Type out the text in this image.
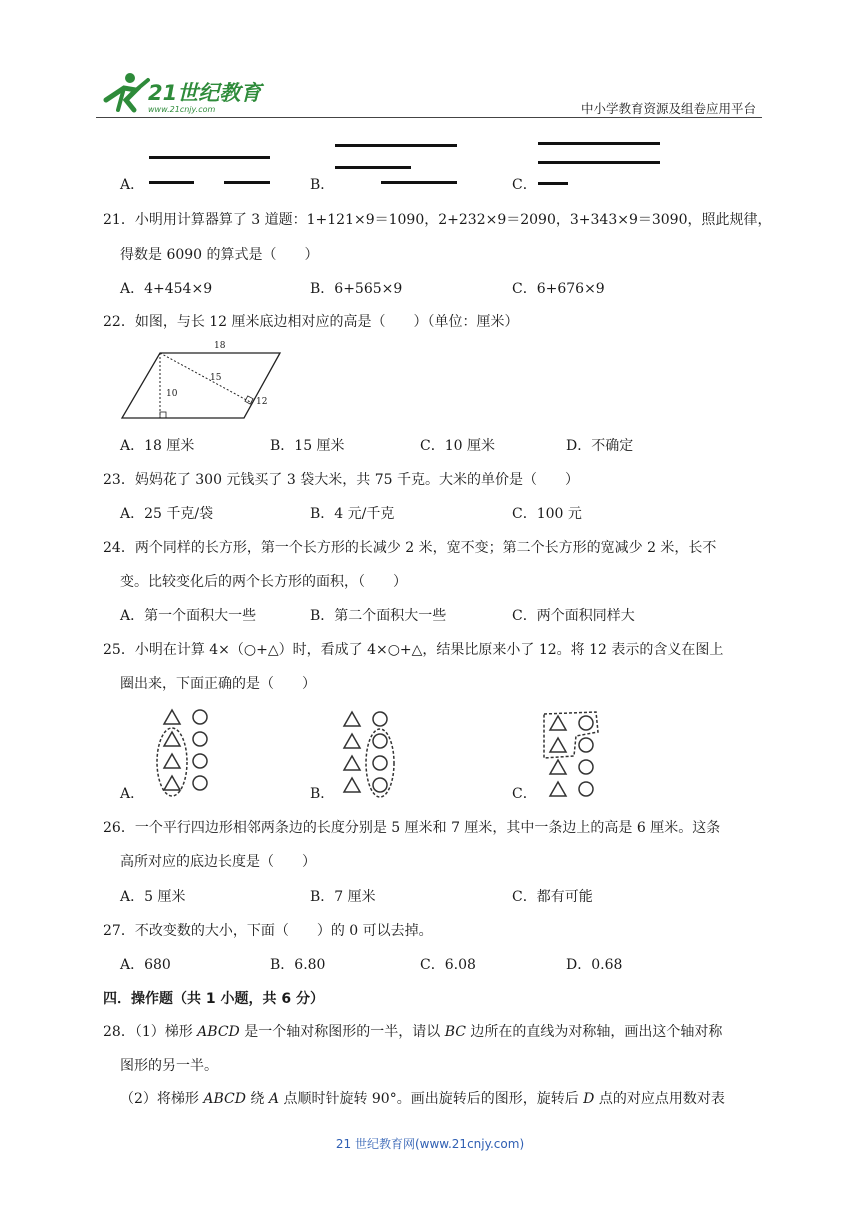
21世纪教育
www.21cnjy.com	中小学教育资源及组卷应用平台
A．	B．	C．
21．小明用计算器算了 3 道题：1+121×9＝1090，2+232×9＝2090，3+343×9＝3090，照此规律，
得数是 6090 的算式是（　　）
A．4+454×9	B．6+565×9	C．6+676×9
22．如图，与长 12 厘米底边相对应的高是（　　）（单位：厘米）
18
15
10
12
A．18 厘米	B．15 厘米	C．10 厘米	D．不确定
23．妈妈花了 300 元钱买了 3 袋大米，共 75 千克。大米的单价是（　　）
A．25 千克/袋	B．4 元/千克	C．100 元
24．两个同样的长方形，第一个长方形的长减少 2 米，宽不变；第二个长方形的宽减少 2 米，长不
变。比较变化后的两个长方形的面积，（　　）
A．第一个面积大一些	B．第二个面积大一些	C．两个面积同样大
25．小明在计算 4×（○+△）时，看成了 4×○+△，结果比原来小了 12。将 12 表示的含义在图上
圈出来，下面正确的是（　　）
A．	B．	C．
26．一个平行四边形相邻两条边的长度分别是 5 厘米和 7 厘米，其中一条边上的高是 6 厘米。这条
高所对应的底边长度是（　　）
A．5 厘米	B．7 厘米	C．都有可能
27．不改变数的大小，下面（　　）的 0 可以去掉。
A．680	B．6.80	C．6.08	D．0.68
四．操作题（共 1 小题，共 6 分）
28．（1）梯形 ABCD 是一个轴对称图形的一半，请以 BC 边所在的直线为对称轴，画出这个轴对称
图形的另一半。
（2）将梯形 ABCD 绕 A 点顺时针旋转 90°。画出旋转后的图形，旋转后 D 点的对应点用数对表
21 世纪教育网(www.21cnjy.com)
